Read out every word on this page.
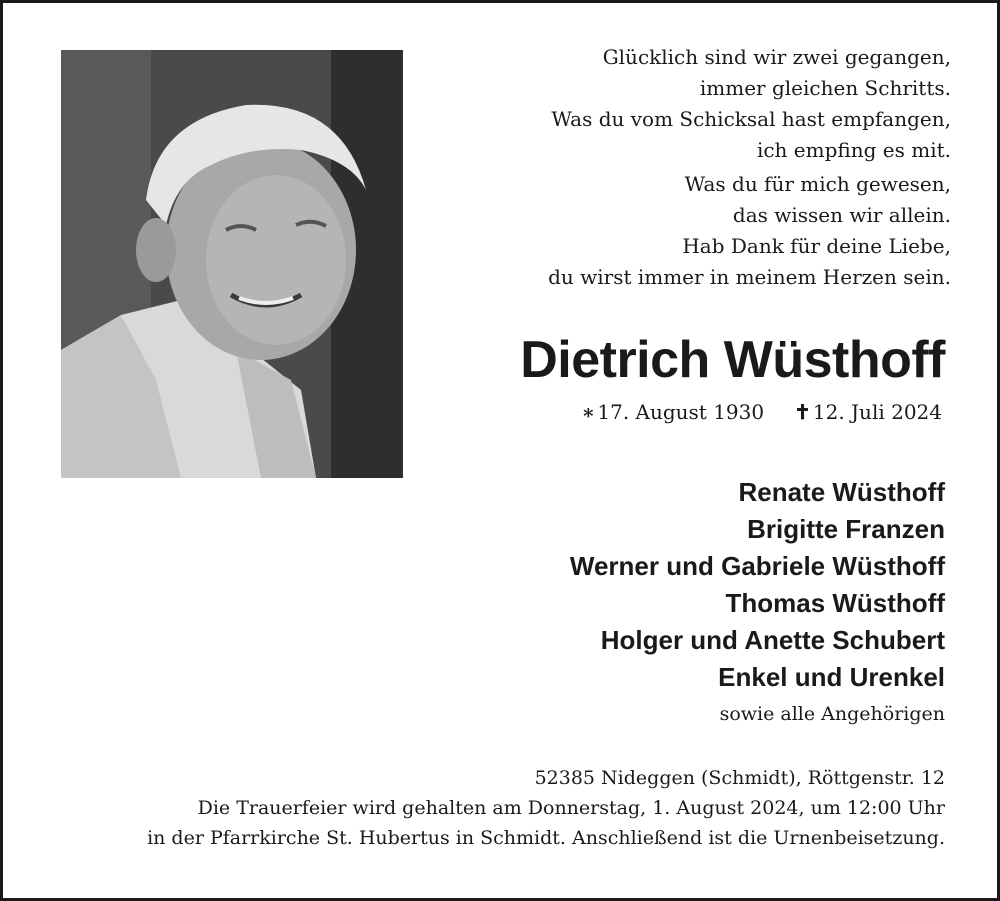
Glücklich sind wir zwei gegangen,
immer gleichen Schritts.
Was du vom Schicksal hast empfangen,
ich empfing es mit.
Was du für mich gewesen,
das wissen wir allein.
Hab Dank für deine Liebe,
du wirst immer in meinem Herzen sein.
Dietrich Wüsthoff
∗ 17. August 1930 ✝ 12. Juli 2024
Renate Wüsthoff
Brigitte Franzen
Werner und Gabriele Wüsthoff
Thomas Wüsthoff
Holger und Anette Schubert
Enkel und Urenkel
sowie alle Angehörigen
52385 Nideggen (Schmidt), Röttgenstr. 12
Die Trauerfeier wird gehalten am Donnerstag, 1. August 2024, um 12:00 Uhr
in der Pfarrkirche St. Hubertus in Schmidt. Anschließend ist die Urnenbeisetzung.
